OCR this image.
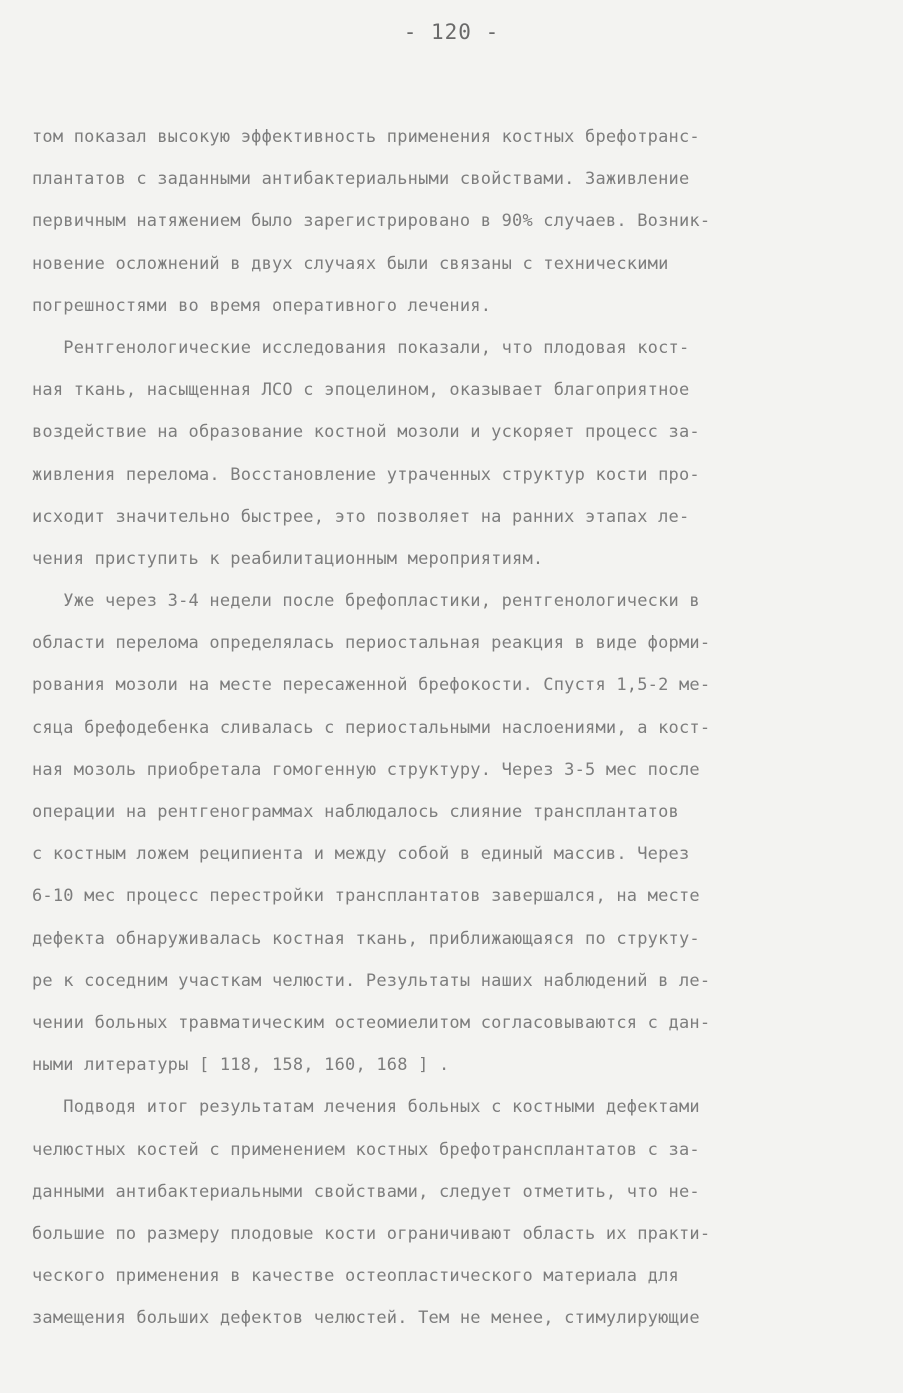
- 120 -
том показал высокую эффективность применения костных брефотранс-
плантатов с заданными антибактериальными свойствами. Заживление
первичным натяжением было зарегистрировано в 90% случаев. Возник-
новение осложнений в двух случаях были связаны с техническими
погрешностями во время оперативного лечения.
Рентгенологические исследования показали, что плодовая кост-
ная ткань, насыщенная ЛСО с эпоцелином, оказывает благоприятное
воздействие на образование костной мозоли и ускоряет процесс за-
живления перелома. Восстановление утраченных структур кости про-
исходит значительно быстрее, это позволяет на ранних этапах ле-
чения приступить к реабилитационным мероприятиям.
Уже через 3-4 недели после брефопластики, рентгенологически в
области перелома определялась периостальная реакция в виде форми-
рования мозоли на месте пересаженной брефокости. Спустя 1,5-2 ме-
сяца брефодебенка сливалась с периостальными наслоениями, а кост-
ная мозоль приобретала гомогенную структуру. Через 3-5 мес после
операции на рентгенограммах наблюдалось слияние трансплантатов
с костным ложем реципиента и между собой в единый массив. Через
6-10 мес процесс перестройки трансплантатов завершался, на месте
дефекта обнаруживалась костная ткань, приближающаяся по структу-
ре к соседним участкам челюсти. Результаты наших наблюдений в ле-
чении больных травматическим остеомиелитом согласовываются с дан-
ными литературы [ 118, 158, 160, 168 ] .
Подводя итог результатам лечения больных с костными дефектами
челюстных костей с применением костных брефотрансплантатов с за-
данными антибактериальными свойствами, следует отметить, что не-
большие по размеру плодовые кости ограничивают область их практи-
ческого применения в качестве остеопластического материала для
замещения больших дефектов челюстей. Тем не менее, стимулирующие
